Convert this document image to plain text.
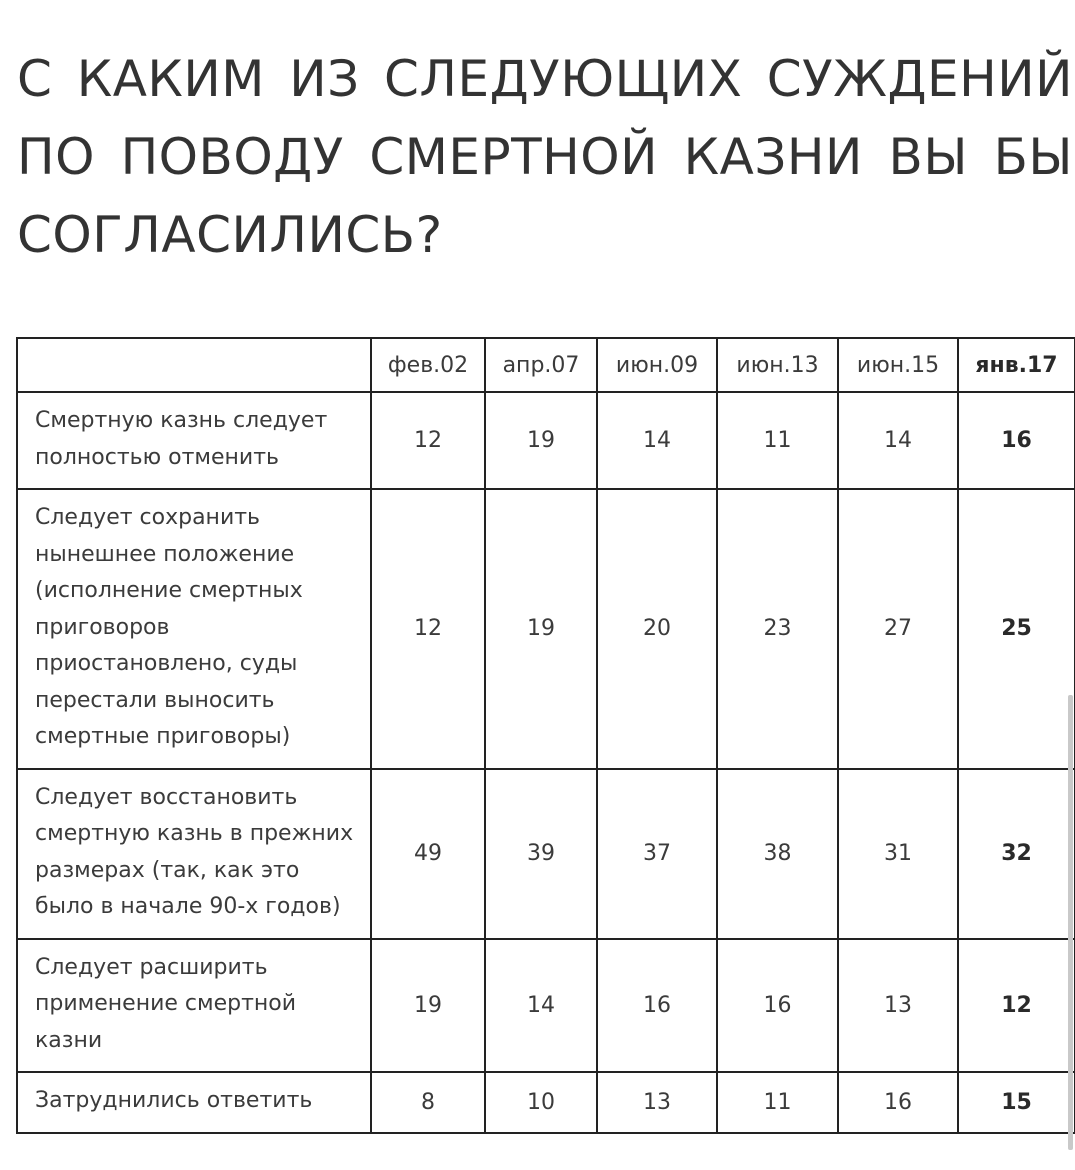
С КАКИМ ИЗ СЛЕДУЮЩИХ СУЖДЕНИЙ ПО ПОВОДУ СМЕРТНОЙ КАЗНИ ВЫ БЫ СОГЛАСИЛИСЬ?
	фев.02	апр.07	июн.09	июн.13	июн.15	янв.17
Смертную казнь следует полностью отменить	12	19	14	11	14	16
Следует сохранить нынешнее положение (исполнение смертных приговоров приостановлено, суды перестали выносить смертные приговоры)	12	19	20	23	27	25
Следует восстановить смертную казнь в прежних размерах (так, как это было в начале 90-х годов)	49	39	37	38	31	32
Следует расширить применение смертной казни	19	14	16	16	13	12
Затруднились ответить	8	10	13	11	16	15
